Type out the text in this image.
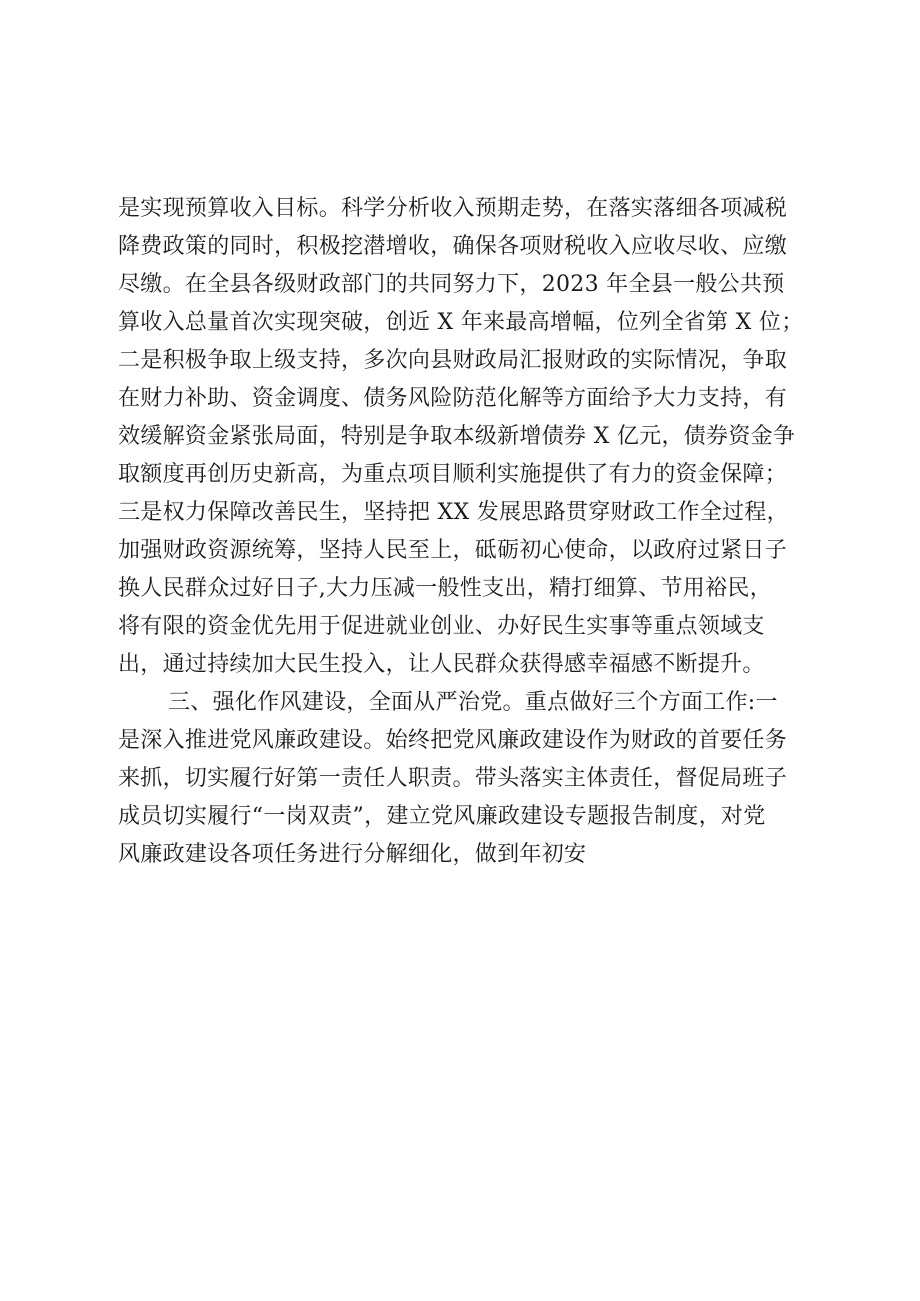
是实现预算收入目标。科学分析收入预期走势，在落实落细各项减税
降费政策的同时，积极挖潜增收，确保各项财税收入应收尽收、应缴
尽缴。在全县各级财政部门的共同努力下，2023 年全县一般公共预
算收入总量首次实现突破，创近 X 年来最高增幅，位列全省第 X 位；
二是积极争取上级支持，多次向县财政局汇报财政的实际情况，争取
在财力补助、资金调度、债务风险防范化解等方面给予大力支持，有
效缓解资金紧张局面，特别是争取本级新增债券 X 亿元，债券资金争
取额度再创历史新高，为重点项目顺利实施提供了有力的资金保障；
三是权力保障改善民生，坚持把 XX 发展思路贯穿财政工作全过程，
加强财政资源统筹，坚持人民至上，砥砺初心使命，以政府过紧日子
换人民群众过好日子,大力压减一般性支出，精打细算、节用裕民，
将有限的资金优先用于促进就业创业、办好民生实事等重点领域支
出，通过持续加大民生投入，让人民群众获得感幸福感不断提升。
三、强化作风建设，全面从严治党。重点做好三个方面工作:一
是深入推进党风廉政建设。始终把党风廉政建设作为财政的首要任务
来抓，切实履行好第一责任人职责。带头落实主体责任，督促局班子
成员切实履行“一岗双责”，建立党风廉政建设专题报告制度，对党
风廉政建设各项任务进行分解细化，做到年初安
